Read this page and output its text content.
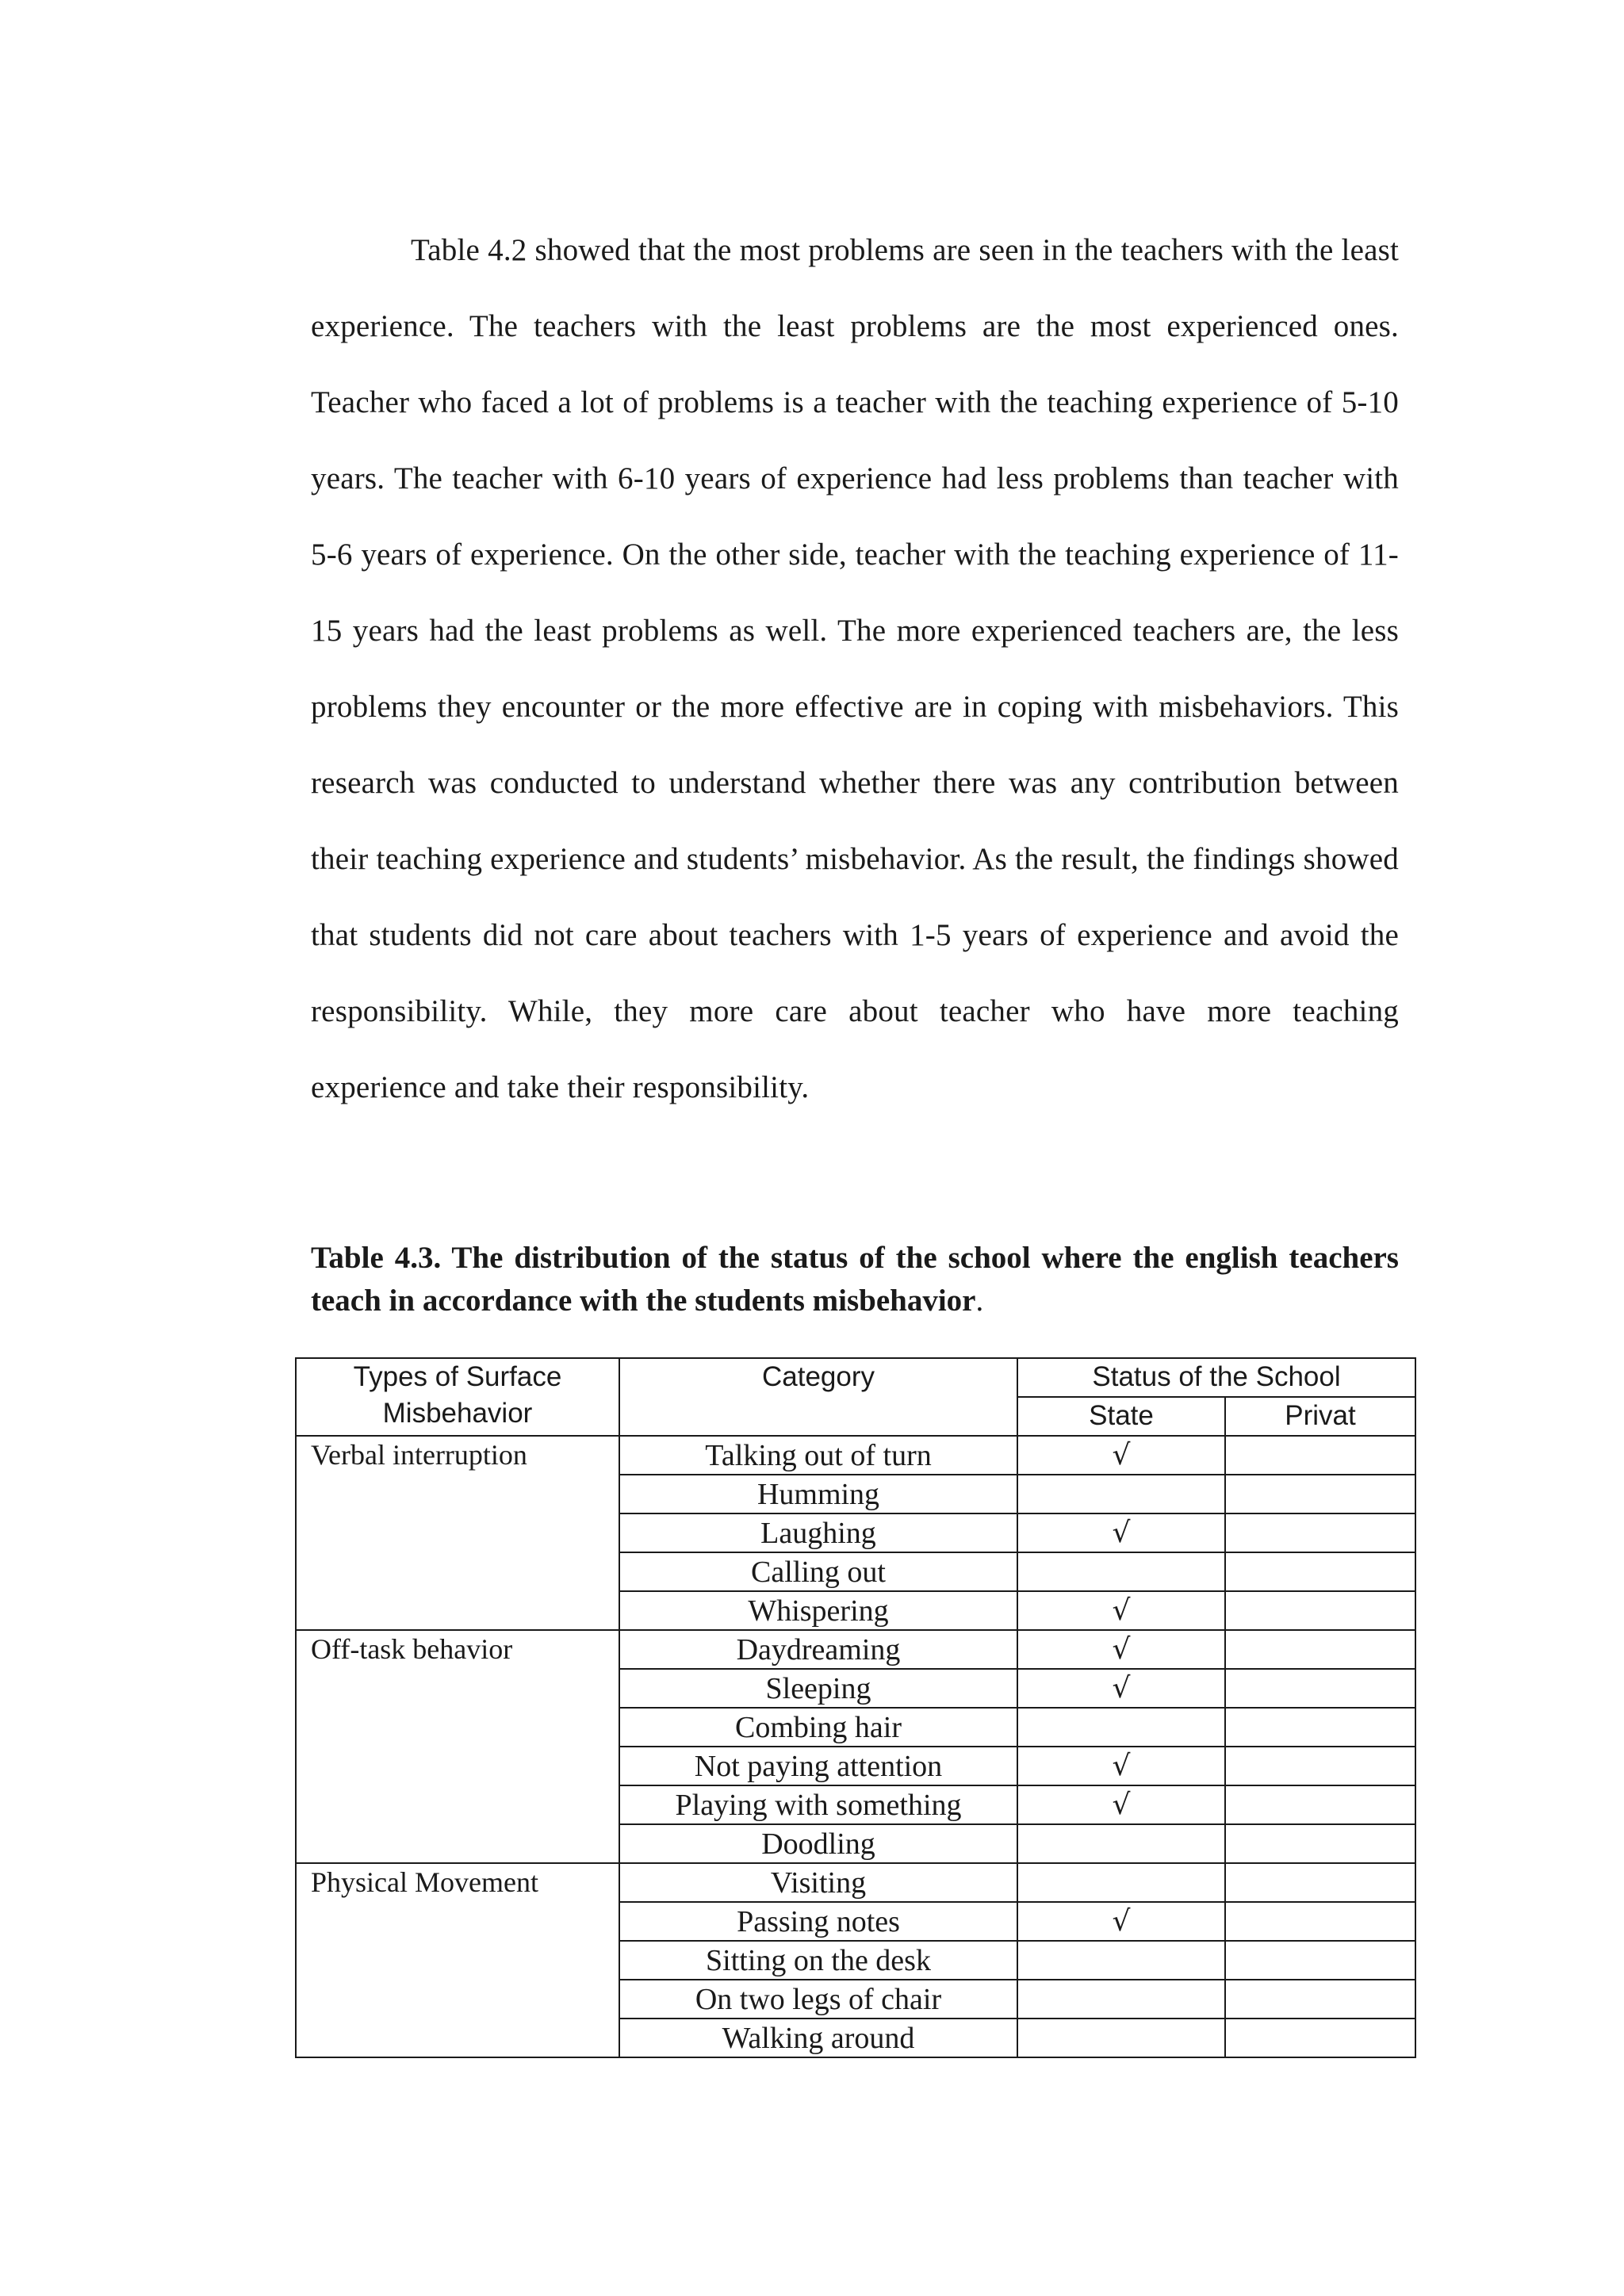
Table 4.2 showed that the most problems are seen in the teachers with the least experience. The teachers with the least problems are the most experienced ones. Teacher who faced a lot of problems is a teacher with the teaching experience of 5-10 years. The teacher with 6-10 years of experience had less problems than teacher with 5-6 years of experience. On the other side, teacher with the teaching experience of 11-15 years had the least problems as well. The more experienced teachers are, the less problems they encounter or the more effective are in coping with misbehaviors. This research was conducted to understand whether there was any contribution between their teaching experience and students’ misbehavior. As the result, the findings showed that students did not care about teachers with 1-5 years of experience and avoid the responsibility. While, they more care about teacher who have more teaching experience and take their responsibility.

Table 4.3. The distribution of the status of the school where the english teachers teach in accordance with the students misbehavior.

Types of Surface
Misbehavior	Category	Status of the School	
		State	Privat
Verbal interruption	Talking out of turn	√	
	Humming		
	Laughing	√	
	Calling out		
	Whispering	√	
Off-task behavior	Daydreaming	√	
	Sleeping	√	
	Combing hair		
	Not paying attention	√	
	Playing with something	√	
	Doodling		
Physical Movement	Visiting		
	Passing notes	√	
	Sitting on the desk		
	On two legs of chair		
	Walking around		
